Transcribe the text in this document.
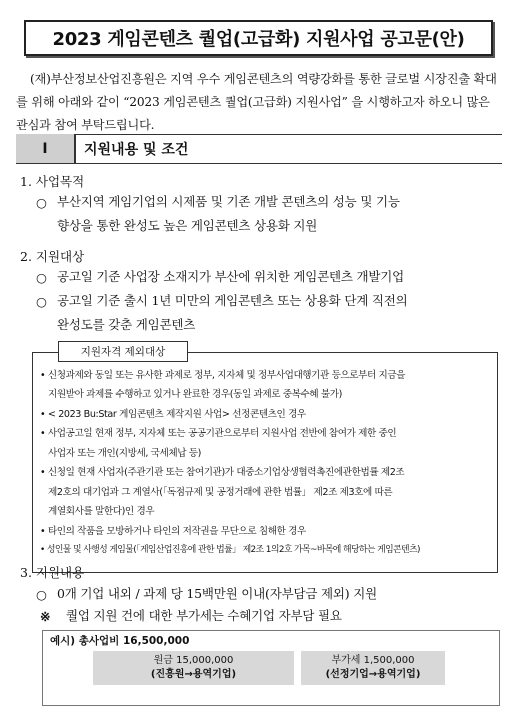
2023 게임콘텐츠 퀄업(고급화) 지원사업 공고문(안)

(재)부산정보산업진흥원은 지역 우수 게임콘텐츠의 역량강화를 통한 글로벌 시장진출 확대를 위해 아래와 같이 “2023 게임콘텐츠 퀄업(고급화) 지원사업” 을 시행하고자 하오니 많은 관심과 참여 부탁드립니다.

Ⅰ	지원내용 및 조건
1. 사업목적
○ 부산지역 게임기업의 시제품 및 기존 개발 콘텐츠의 성능 및 기능
향상을 통한 완성도 높은 게임콘텐츠 상용화 지원
2. 지원대상
○ 공고일 기준 사업장 소재지가 부산에 위치한 게임콘텐츠 개발기업
○ 공고일 기준 출시 1년 미만의 게임콘텐츠 또는 상용화 단계 직전의
완성도를 갖춘 게임콘텐츠
지원자격 제외대상
• 신청과제와 동일 또는 유사한 과제로 정부, 지자체 및 정부사업대행기관 등으로부터 지금을
지원받아 과제를 수행하고 있거나 완료한 경우(동일 과제로 중복수혜 불가)
• < 2023 Bu:Star 게임콘텐츠 제작지원 사업> 선정콘텐츠인 경우
• 사업공고일 현재 정부, 지자체 또는 공공기관으로부터 지원사업 전반에 참여가 제한 중인
사업자 또는 개인(지방세, 국세체납 등)
• 신청일 현재 사업자(주관기관 또는 참여기관)가 대중소기업상생협력촉진에관한법률 제2조
제2호의 대기업과 그 계열사(「독점규제 및 공정거래에 관한 법률」 제2조 제3호에 따른
계열회사를 말한다)인 경우
• 타인의 작품을 모방하거나 타인의 저작권을 무단으로 침해한 경우
• 성인물 및 사행성 게임물(「게임산업진흥에 관한 법률」 제2조 1의2호 가목~바목에 해당하는 게임콘텐츠)
3. 지원내용
○ 0개 기업 내외 / 과제 당 15백만원 이내(자부담금 제외) 지원
※ 퀄업 지원 건에 대한 부가세는 수혜기업 자부담 필요
예시) 총사업비 16,500,000
원금 15,000,000
(진흥원→용역기업)
부가세 1,500,000
(선정기업→용역기업)
